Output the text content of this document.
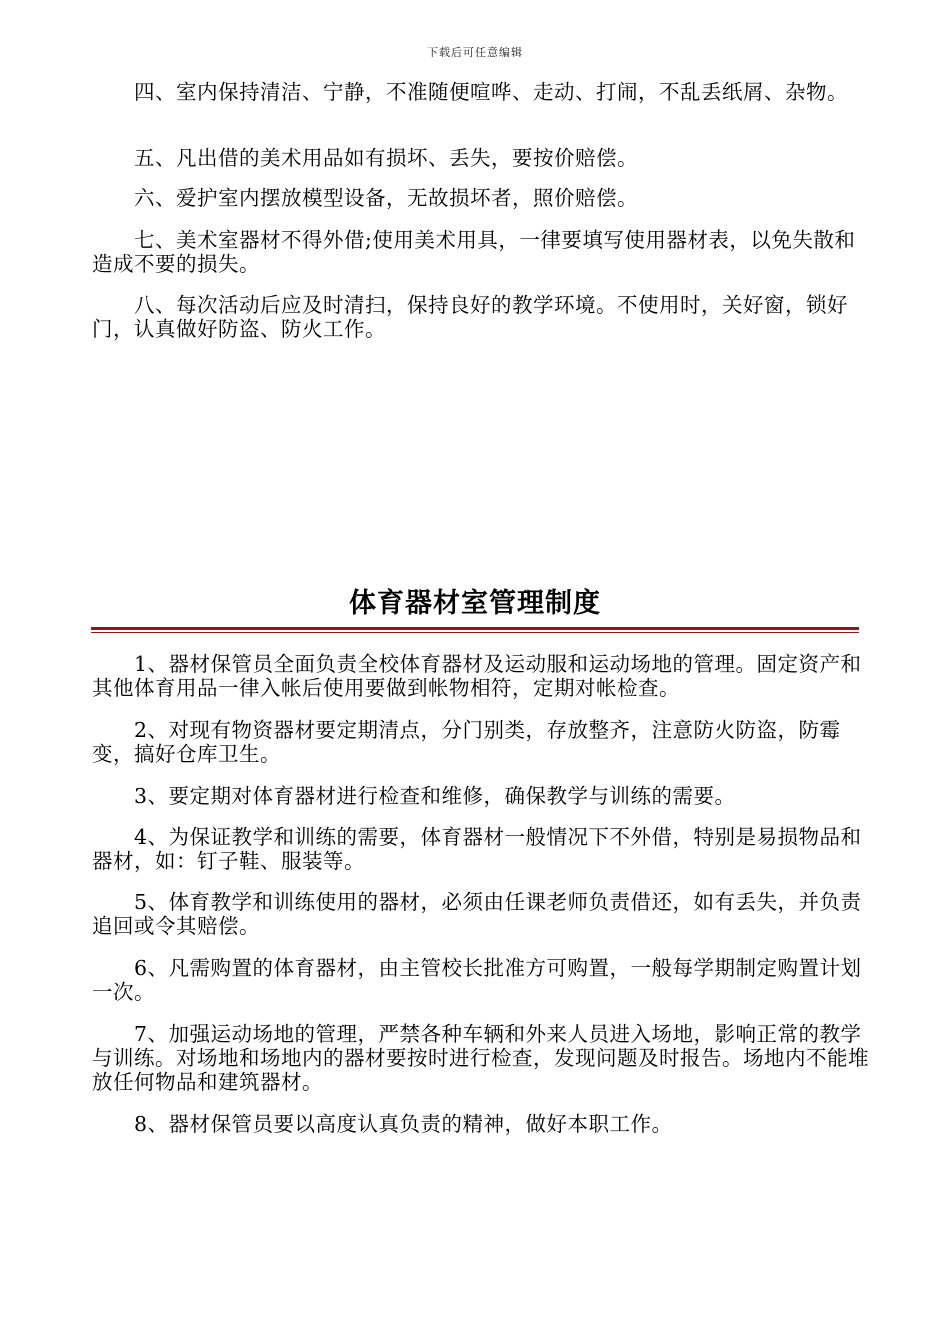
下载后可任意编辑

四、室内保持清洁、宁静，不准随便喧哗、走动、打闹，不乱丢纸屑、杂物。

五、凡出借的美术用品如有损坏、丢失，要按价赔偿。

六、爱护室内摆放模型设备，无故损坏者，照价赔偿。

七、美术室器材不得外借;使用美术用具，一律要填写使用器材表，以免失散和造成不要的损失。

八、每次活动后应及时清扫，保持良好的教学环境。不使用时，关好窗，锁好门，认真做好防盗、防火工作。

体育器材室管理制度

1、器材保管员全面负责全校体育器材及运动服和运动场地的管理。固定资产和其他体育用品一律入帐后使用要做到帐物相符，定期对帐检查。

2、对现有物资器材要定期清点，分门别类，存放整齐，注意防火防盗，防霉变，搞好仓库卫生。

3、要定期对体育器材进行检查和维修，确保教学与训练的需要。

4、为保证教学和训练的需要，体育器材一般情况下不外借，特别是易损物品和器材，如：钉子鞋、服装等。

5、体育教学和训练使用的器材，必须由任课老师负责借还，如有丢失，并负责追回或令其赔偿。

6、凡需购置的体育器材，由主管校长批准方可购置，一般每学期制定购置计划一次。

7、加强运动场地的管理，严禁各种车辆和外来人员进入场地，影响正常的教学与训练。对场地和场地内的器材要按时进行检查，发现问题及时报告。场地内不能堆放任何物品和建筑器材。

8、器材保管员要以高度认真负责的精神，做好本职工作。
